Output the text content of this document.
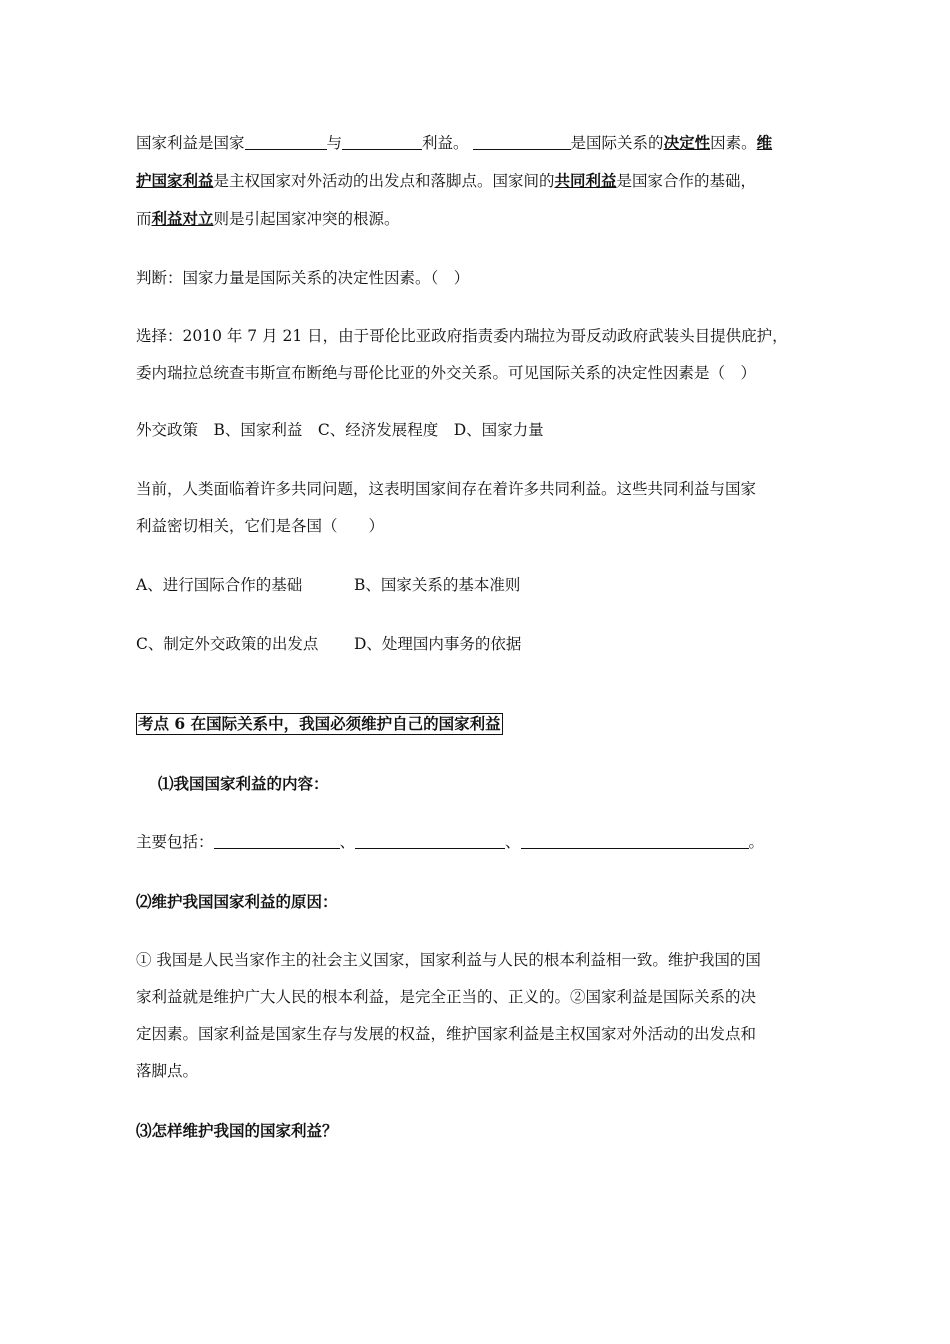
国家利益是国家	与	利益。	是国际关系的决定性因素。维

护国家利益是主权国家对外活动的出发点和落脚点。国家间的共同利益是国家合作的基础，

而利益对立则是引起国家冲突的根源。

判断：国家力量是国际关系的决定性因素。（　）

选择：2010 年 7 月 21 日，由于哥伦比亚政府指责委内瑞拉为哥反动政府武装头目提供庇护，

委内瑞拉总统查韦斯宣布断绝与哥伦比亚的外交关系。可见国际关系的决定性因素是（　）

外交政策　B、国家利益　C、经济发展程度　D、国家力量

当前，人类面临着许多共同问题，这表明国家间存在着许多共同利益。这些共同利益与国家

利益密切相关，它们是各国（　　）

A、进行国际合作的基础	B、国家关系的基本准则

C、制定外交政策的出发点 D、处理国内事务的依据

考点 6 在国际关系中，我国必须维护自己的国家利益

⑴我国国家利益的内容：

主要包括：	、	、	。

⑵维护我国国家利益的原因：

① 我国是人民当家作主的社会主义国家，国家利益与人民的根本利益相一致。维护我国的国

家利益就是维护广大人民的根本利益，是完全正当的、正义的。②国家利益是国际关系的决

定因素。国家利益是国家生存与发展的权益，维护国家利益是主权国家对外活动的出发点和

落脚点。

⑶怎样维护我国的国家利益？
